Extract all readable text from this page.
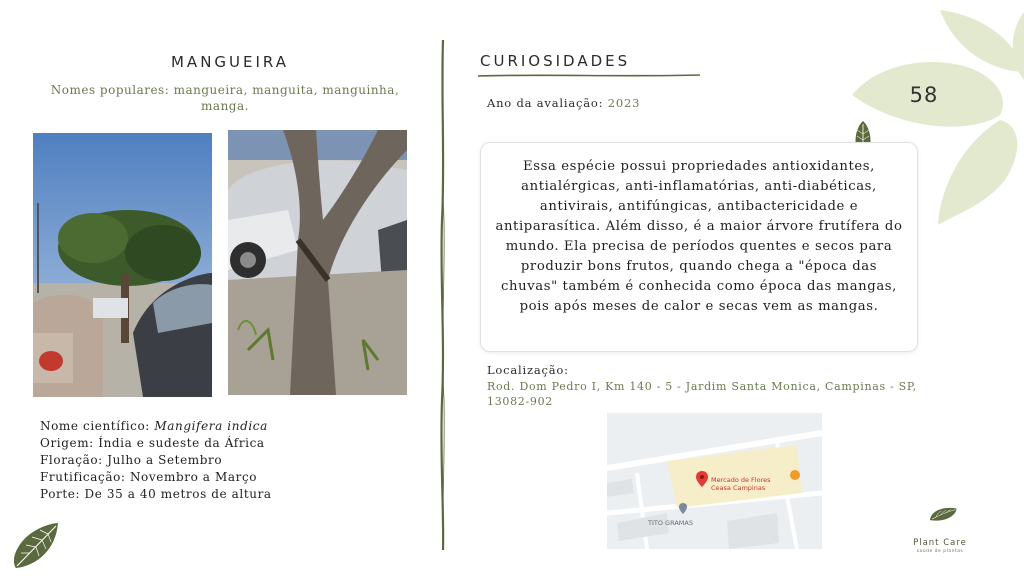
58
MANGUEIRA
Nomes populares: mangueira, manguita, manguinha, manga.
Nome científico: Mangifera indica
Origem: Índia e sudeste da África
Floração: Julho a Setembro
Frutificação: Novembro a Março
Porte: De 35 a 40 metros de altura
CURIOSIDADES
Ano da avaliação: 2023
Essa espécie possui propriedades antioxidantes, antialérgicas, anti-inflamatórias, anti-diabéticas, antivirais, antifúngicas, antibactericidade e antiparasítica. Além disso, é a maior árvore frutífera do mundo. Ela precisa de períodos quentes e secos para produzir bons frutos, quando chega a "época das chuvas" também é conhecida como época das mangas, pois após meses de calor e secas vem as mangas.
Localização:
Rod. Dom Pedro I, Km 140 - 5 - Jardim Santa Monica, Campinas - SP, 13082-902
Mercado de Flores
Ceasa Campinas
TITO GRAMAS
Plant Care
saúde de plantas
